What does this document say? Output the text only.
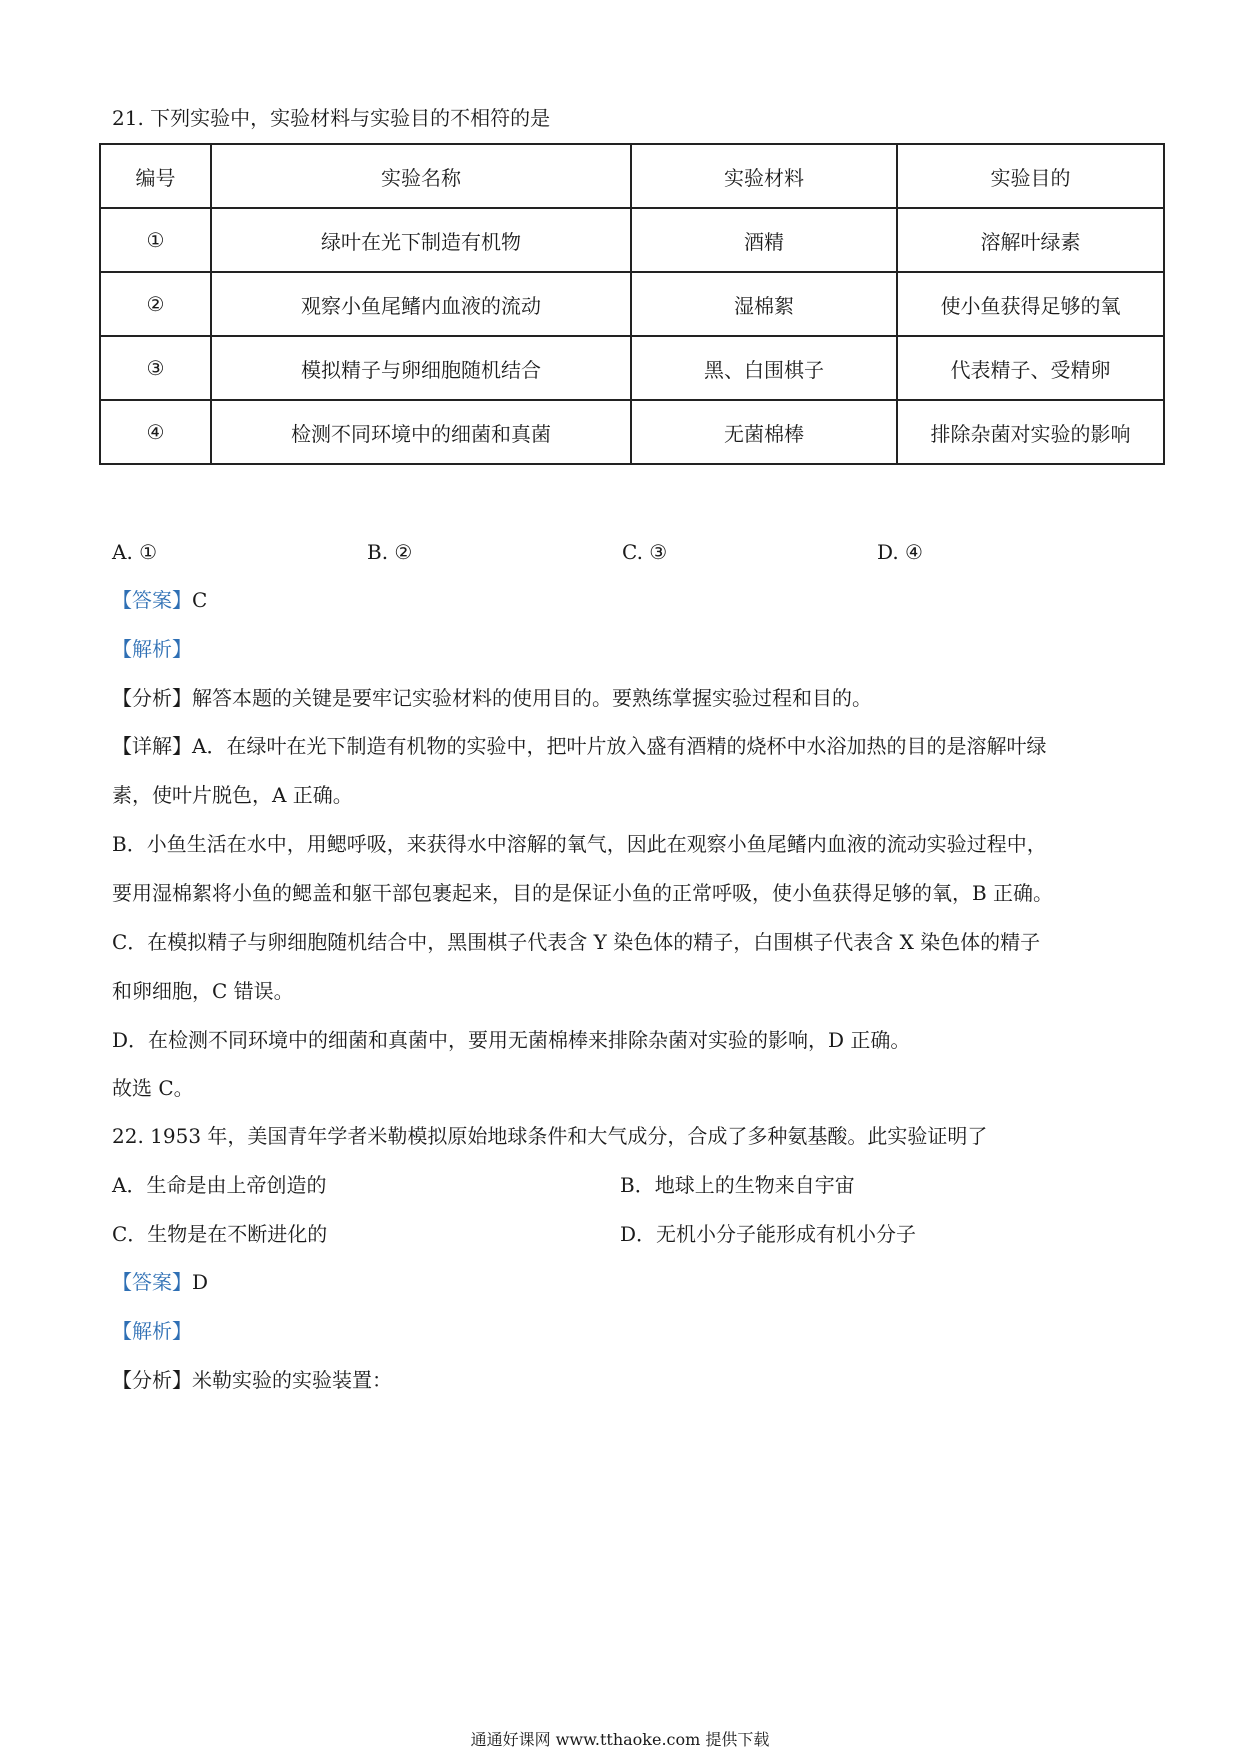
21. 下列实验中，实验材料与实验目的不相符的是
编号	实验名称	实验材料	实验目的
①	绿叶在光下制造有机物	酒精	溶解叶绿素
②	观察小鱼尾鳍内血液的流动	湿棉絮	使小鱼获得足够的氧
③	模拟精子与卵细胞随机结合	黑、白围棋子	代表精子、受精卵
④	检测不同环境中的细菌和真菌	无菌棉棒	排除杂菌对实验的影响
A. ①	B. ②	C. ③	D. ④
【答案】C
【解析】
【分析】解答本题的关键是要牢记实验材料的使用目的。要熟练掌握实验过程和目的。
【详解】A．在绿叶在光下制造有机物的实验中，把叶片放入盛有酒精的烧杯中水浴加热的目的是溶解叶绿
素，使叶片脱色，A 正确。
B．小鱼生活在水中，用鳃呼吸，来获得水中溶解的氧气，因此在观察小鱼尾鳍内血液的流动实验过程中，
要用湿棉絮将小鱼的鳃盖和躯干部包裹起来，目的是保证小鱼的正常呼吸，使小鱼获得足够的氧，B 正确。
C．在模拟精子与卵细胞随机结合中，黑围棋子代表含 Y 染色体的精子，白围棋子代表含 X 染色体的精子
和卵细胞，C 错误。
D．在检测不同环境中的细菌和真菌中，要用无菌棉棒来排除杂菌对实验的影响，D 正确。
故选 C。
22. 1953 年，美国青年学者米勒模拟原始地球条件和大气成分，合成了多种氨基酸。此实验证明了
A．生命是由上帝创造的	B．地球上的生物来自宇宙
C．生物是在不断进化的	D．无机小分子能形成有机小分子
【答案】D
【解析】
【分析】米勒实验的实验装置：
通通好课网 www.tthaoke.com 提供下载
